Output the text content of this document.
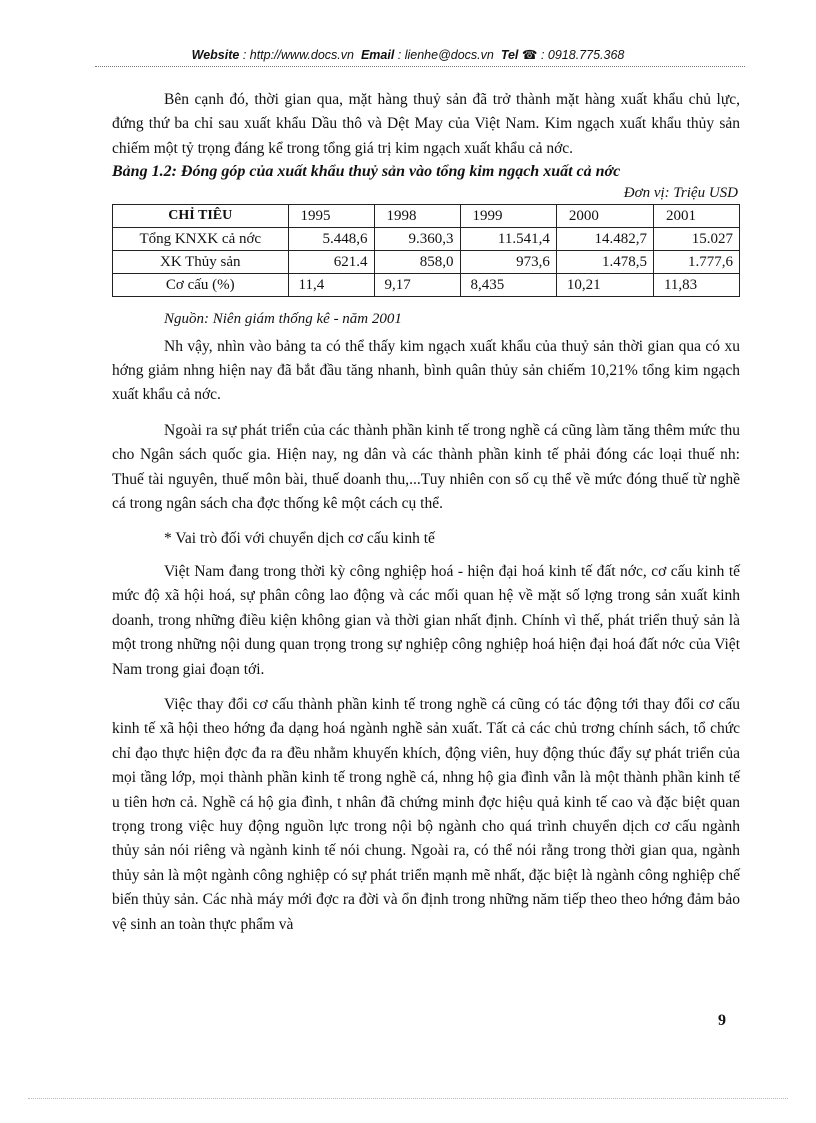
Website : http://www.docs.vn Email : lienhe@docs.vn Tel ☎ : 0918.775.368

Bên cạnh đó, thời gian qua, mặt hàng thuỷ sản đã trở thành mặt hàng xuất khẩu chủ lực, đứng thứ ba chỉ sau xuất khẩu Dầu thô và Dệt May của Việt Nam. Kim ngạch xuất khẩu thủy sản chiếm một tỷ trọng đáng kể trong tổng giá trị kim ngạch xuất khẩu cả nớc.

Bảng 1.2: Đóng góp của xuất khẩu thuỷ sản vào tổng kim ngạch xuất cả nớc

Đơn vị: Triệu USD

CHỈ TIÊU	1995	1998	1999	2000	2001
Tổng KNXK cả nớc	5.448,6	9.360,3	11.541,4	14.482,7	15.027
XK Thủy sản	621.4	858,0	973,6	1.478,5	1.777,6
Cơ cấu (%)	11,4	9,17	8,435	10,21	11,83

Nguồn: Niên giám thống kê - năm 2001

Nh vậy, nhìn vào bảng ta có thể thấy kim ngạch xuất khẩu của thuỷ sản thời gian qua có xu hớng giảm nhng hiện nay đã bắt đầu tăng nhanh, bình quân thủy sản chiếm 10,21% tổng kim ngạch xuất khẩu cả nớc.

Ngoài ra sự phát triển của các thành phần kinh tế trong nghề cá cũng làm tăng thêm mức thu cho Ngân sách quốc gia. Hiện nay, ng dân và các thành phần kinh tế phải đóng các loại thuế nh: Thuế tài nguyên, thuế môn bài, thuế doanh thu,...Tuy nhiên con số cụ thể về mức đóng thuế từ nghề cá trong ngân sách cha đợc thống kê một cách cụ thể.

* Vai trò đối với chuyển dịch cơ cấu kinh tế

Việt Nam đang trong thời kỳ công nghiệp hoá - hiện đại hoá kinh tế đất nớc, cơ cấu kinh tế mức độ xã hội hoá, sự phân công lao động và các mối quan hệ về mặt số lợng trong sản xuất kinh doanh, trong những điều kiện không gian và thời gian nhất định. Chính vì thế, phát triển thuỷ sản là một trong những nội dung quan trọng trong sự nghiệp công nghiệp hoá hiện đại hoá đất nớc của Việt Nam trong giai đoạn tới.

Việc thay đổi cơ cấu thành phần kinh tế trong nghề cá cũng có tác động tới thay đổi cơ cấu kinh tế xã hội theo hớng đa dạng hoá ngành nghề sản xuất. Tất cả các chủ trơng chính sách, tổ chức chỉ đạo thực hiện đợc đa ra đều nhằm khuyến khích, động viên, huy động thúc đẩy sự phát triển của mọi tầng lớp, mọi thành phần kinh tế trong nghề cá, nhng hộ gia đình vẫn là một thành phần kinh tế u tiên hơn cả. Nghề cá hộ gia đình, t nhân đã chứng minh đợc hiệu quả kinh tế cao và đặc biệt quan trọng trong việc huy động nguồn lực trong nội bộ ngành cho quá trình chuyển dịch cơ cấu ngành thủy sản nói riêng và ngành kinh tế nói chung. Ngoài ra, có thể nói rằng trong thời gian qua, ngành thủy sản là một ngành công nghiệp có sự phát triển mạnh mẽ nhất, đặc biệt là ngành công nghiệp chế biến thủy sản. Các nhà máy mới đợc ra đời và ổn định trong những năm tiếp theo theo hớng đảm bảo vệ sinh an toàn thực phẩm và

9
